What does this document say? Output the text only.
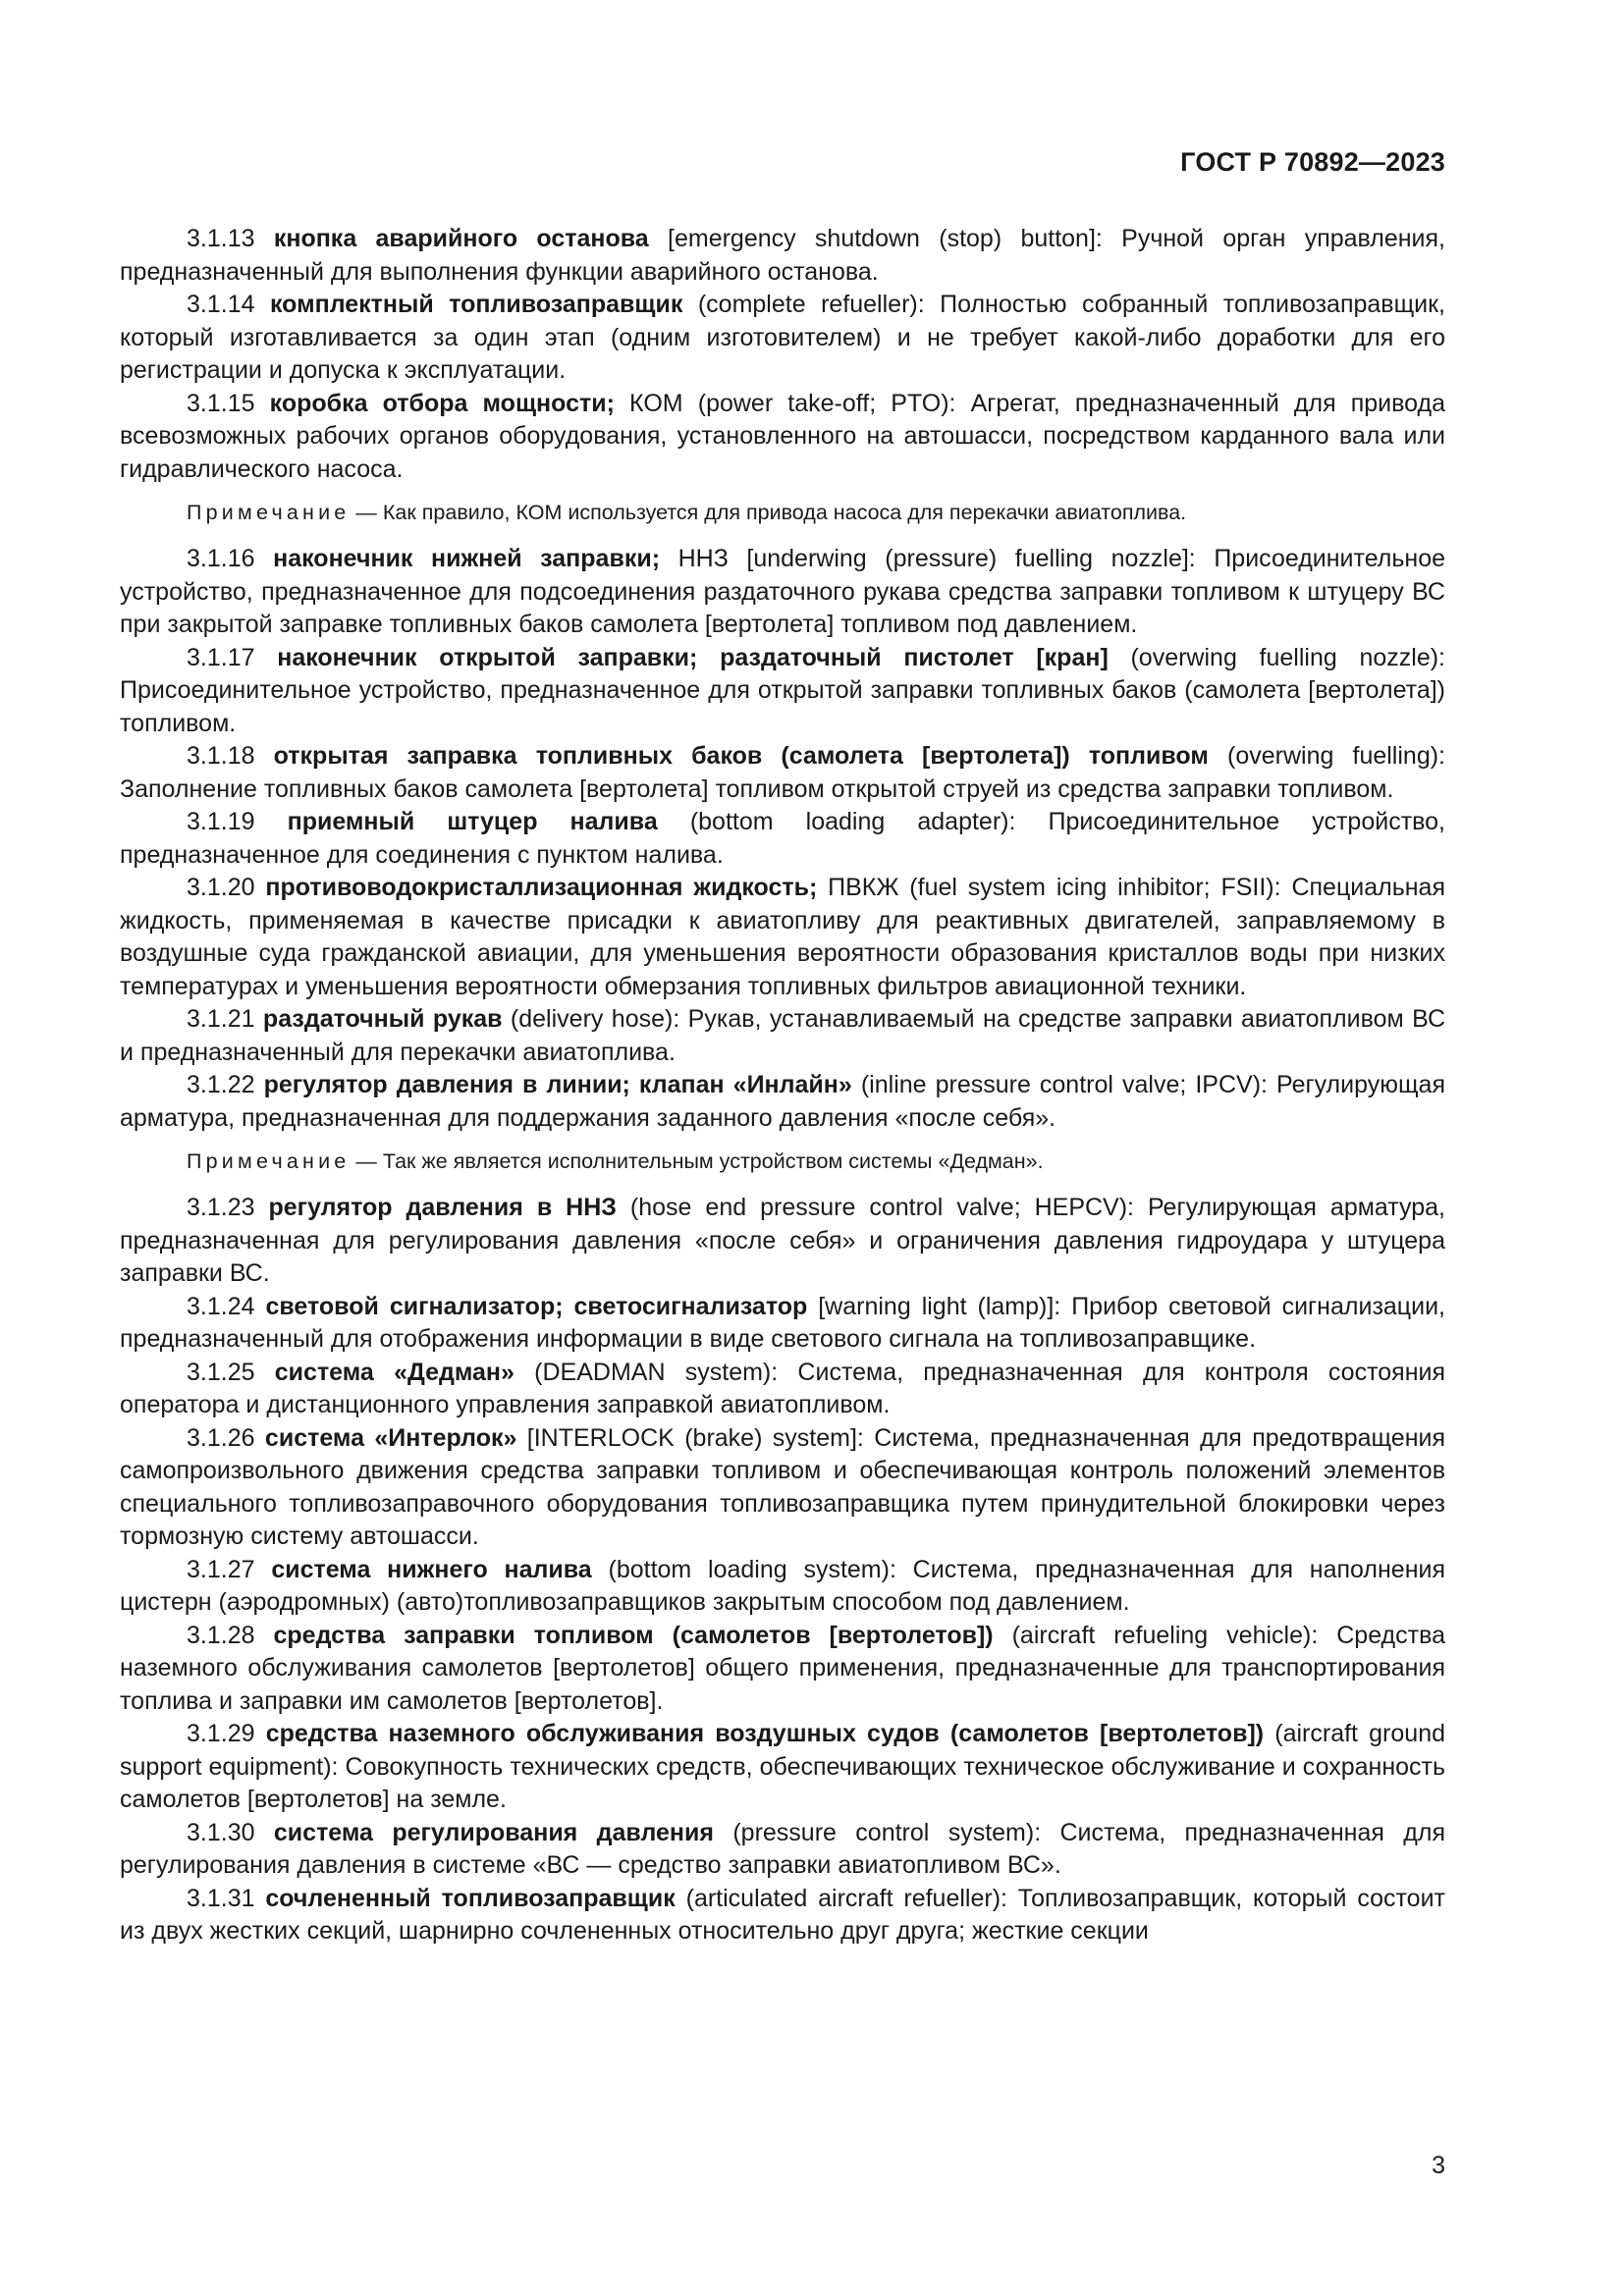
ГОСТ Р 70892—2023

3.1.13 кнопка аварийного останова [emergency shutdown (stop) button]: Ручной орган управления, предназначенный для выполнения функции аварийного останова.

3.1.14 комплектный топливозаправщик (complete refueller): Полностью собранный топливозаправщик, который изготавливается за один этап (одним изготовителем) и не требует какой-либо доработки для его регистрации и допуска к эксплуатации.

3.1.15 коробка отбора мощности; КОМ (power take-off; PTO): Агрегат, предназначенный для привода всевозможных рабочих органов оборудования, установленного на автошасси, посредством карданного вала или гидравлического насоса.

Примечание — Как правило, КОМ используется для привода насоса для перекачки авиатоплива.

3.1.16 наконечник нижней заправки; ННЗ [underwing (pressure) fuelling nozzle]: Присоединительное устройство, предназначенное для подсоединения раздаточного рукава средства заправки топливом к штуцеру ВС при закрытой заправке топливных баков самолета [вертолета] топливом под давлением.

3.1.17 наконечник открытой заправки; раздаточный пистолет [кран] (overwing fuelling nozzle): Присоединительное устройство, предназначенное для открытой заправки топливных баков (самолета [вертолета]) топливом.

3.1.18 открытая заправка топливных баков (самолета [вертолета]) топливом (overwing fuelling): Заполнение топливных баков самолета [вертолета] топливом открытой струей из средства заправки топливом.

3.1.19 приемный штуцер налива (bottom loading adapter): Присоединительное устройство, предназначенное для соединения с пунктом налива.

3.1.20 противоводокристаллизационная жидкость; ПВКЖ (fuel system icing inhibitor; FSII): Специальная жидкость, применяемая в качестве присадки к авиатопливу для реактивных двигателей, заправляемому в воздушные суда гражданской авиации, для уменьшения вероятности образования кристаллов воды при низких температурах и уменьшения вероятности обмерзания топливных фильтров авиационной техники.

3.1.21 раздаточный рукав (delivery hose): Рукав, устанавливаемый на средстве заправки авиатопливом ВС и предназначенный для перекачки авиатоплива.

3.1.22 регулятор давления в линии; клапан «Инлайн» (inline pressure control valve; IPCV): Регулирующая арматура, предназначенная для поддержания заданного давления «после себя».

Примечание — Так же является исполнительным устройством системы «Дедман».

3.1.23 регулятор давления в ННЗ (hose end pressure control valve; HEPCV): Регулирующая арматура, предназначенная для регулирования давления «после себя» и ограничения давления гидроудара у штуцера заправки ВС.

3.1.24 световой сигнализатор; светосигнализатор [warning light (lamp)]: Прибор световой сигнализации, предназначенный для отображения информации в виде светового сигнала на топливозаправщике.

3.1.25 система «Дедман» (DEADMAN system): Система, предназначенная для контроля состояния оператора и дистанционного управления заправкой авиатопливом.

3.1.26 система «Интерлок» [INTERLOCK (brake) system]: Система, предназначенная для предотвращения самопроизвольного движения средства заправки топливом и обеспечивающая контроль положений элементов специального топливозаправочного оборудования топливозаправщика путем принудительной блокировки через тормозную систему автошасси.

3.1.27 система нижнего налива (bottom loading system): Система, предназначенная для наполнения цистерн (аэродромных) (авто)топливозаправщиков закрытым способом под давлением.

3.1.28 средства заправки топливом (самолетов [вертолетов]) (aircraft refueling vehicle): Средства наземного обслуживания самолетов [вертолетов] общего применения, предназначенные для транспортирования топлива и заправки им самолетов [вертолетов].

3.1.29 средства наземного обслуживания воздушных судов (самолетов [вертолетов]) (aircraft ground support equipment): Совокупность технических средств, обеспечивающих техническое обслуживание и сохранность самолетов [вертолетов] на земле.

3.1.30 система регулирования давления (pressure control system): Система, предназначенная для регулирования давления в системе «ВС — средство заправки авиатопливом ВС».

3.1.31 сочлененный топливозаправщик (articulated aircraft refueller): Топливозаправщик, который состоит из двух жестких секций, шарнирно сочлененных относительно друг друга; жесткие секции

3
